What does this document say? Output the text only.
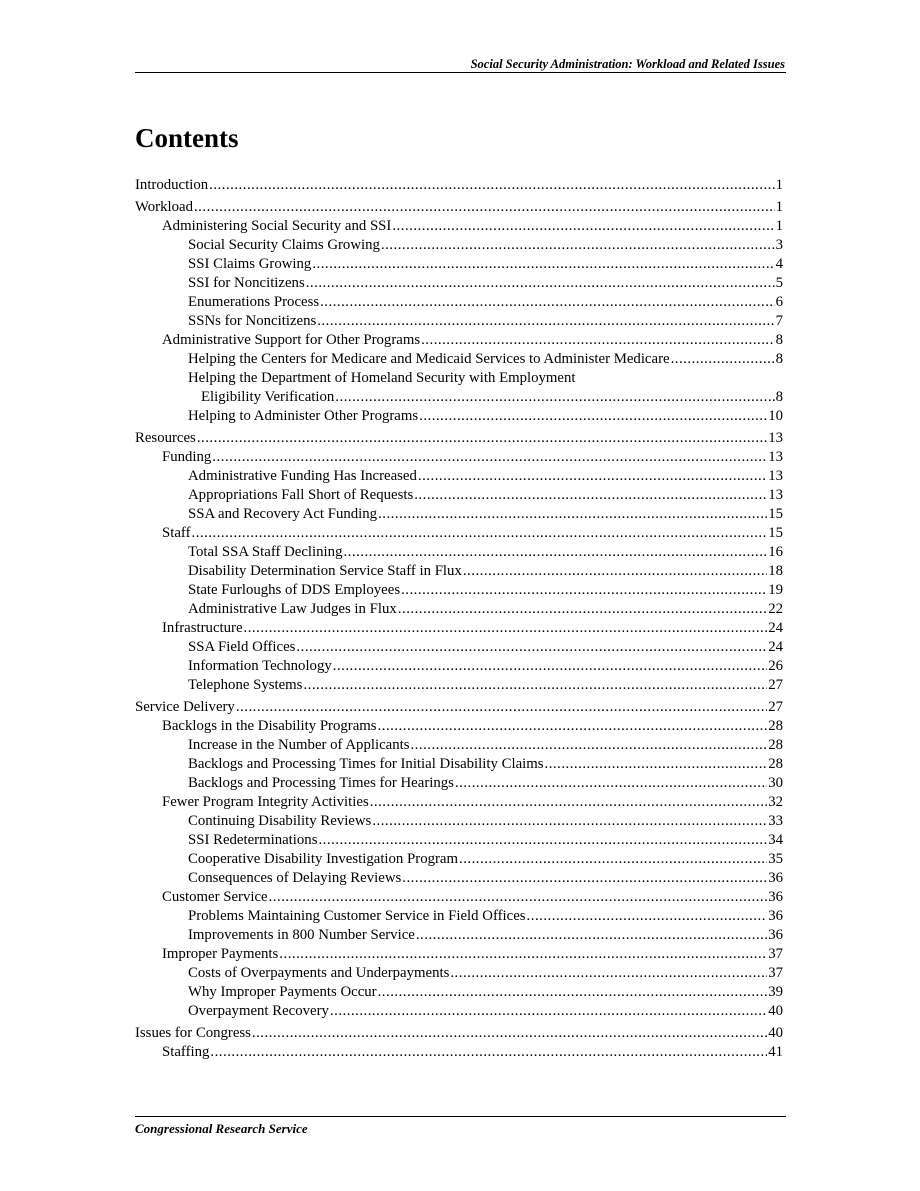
Social Security Administration: Workload and Related Issues
Contents
Introduction .....	1
Workload .....	1
Administering Social Security and SSI .....	1
Social Security Claims Growing .....	3
SSI Claims Growing .....	4
SSI for Noncitizens .....	5
Enumerations Process .....	6
SSNs for Noncitizens .....	7
Administrative Support for Other Programs .....	8
Helping the Centers for Medicare and Medicaid Services to Administer Medicare .....	8
Helping the Department of Homeland Security with Employment
Eligibility Verification .....	8
Helping to Administer Other Programs .....	10
Resources .....	13
Funding .....	13
Administrative Funding Has Increased .....	13
Appropriations Fall Short of Requests .....	13
SSA and Recovery Act Funding .....	15
Staff .....	15
Total SSA Staff Declining .....	16
Disability Determination Service Staff in Flux .....	18
State Furloughs of DDS Employees .....	19
Administrative Law Judges in Flux .....	22
Infrastructure .....	24
SSA Field Offices .....	24
Information Technology .....	26
Telephone Systems .....	27
Service Delivery .....	27
Backlogs in the Disability Programs .....	28
Increase in the Number of Applicants .....	28
Backlogs and Processing Times for Initial Disability Claims .....	28
Backlogs and Processing Times for Hearings .....	30
Fewer Program Integrity Activities .....	32
Continuing Disability Reviews .....	33
SSI Redeterminations .....	34
Cooperative Disability Investigation Program .....	35
Consequences of Delaying Reviews .....	36
Customer Service .....	36
Problems Maintaining Customer Service in Field Offices .....	36
Improvements in 800 Number Service .....	36
Improper Payments .....	37
Costs of Overpayments and Underpayments .....	37
Why Improper Payments Occur .....	39
Overpayment Recovery .....	40
Issues for Congress .....	40
Staffing .....	41
Congressional Research Service
